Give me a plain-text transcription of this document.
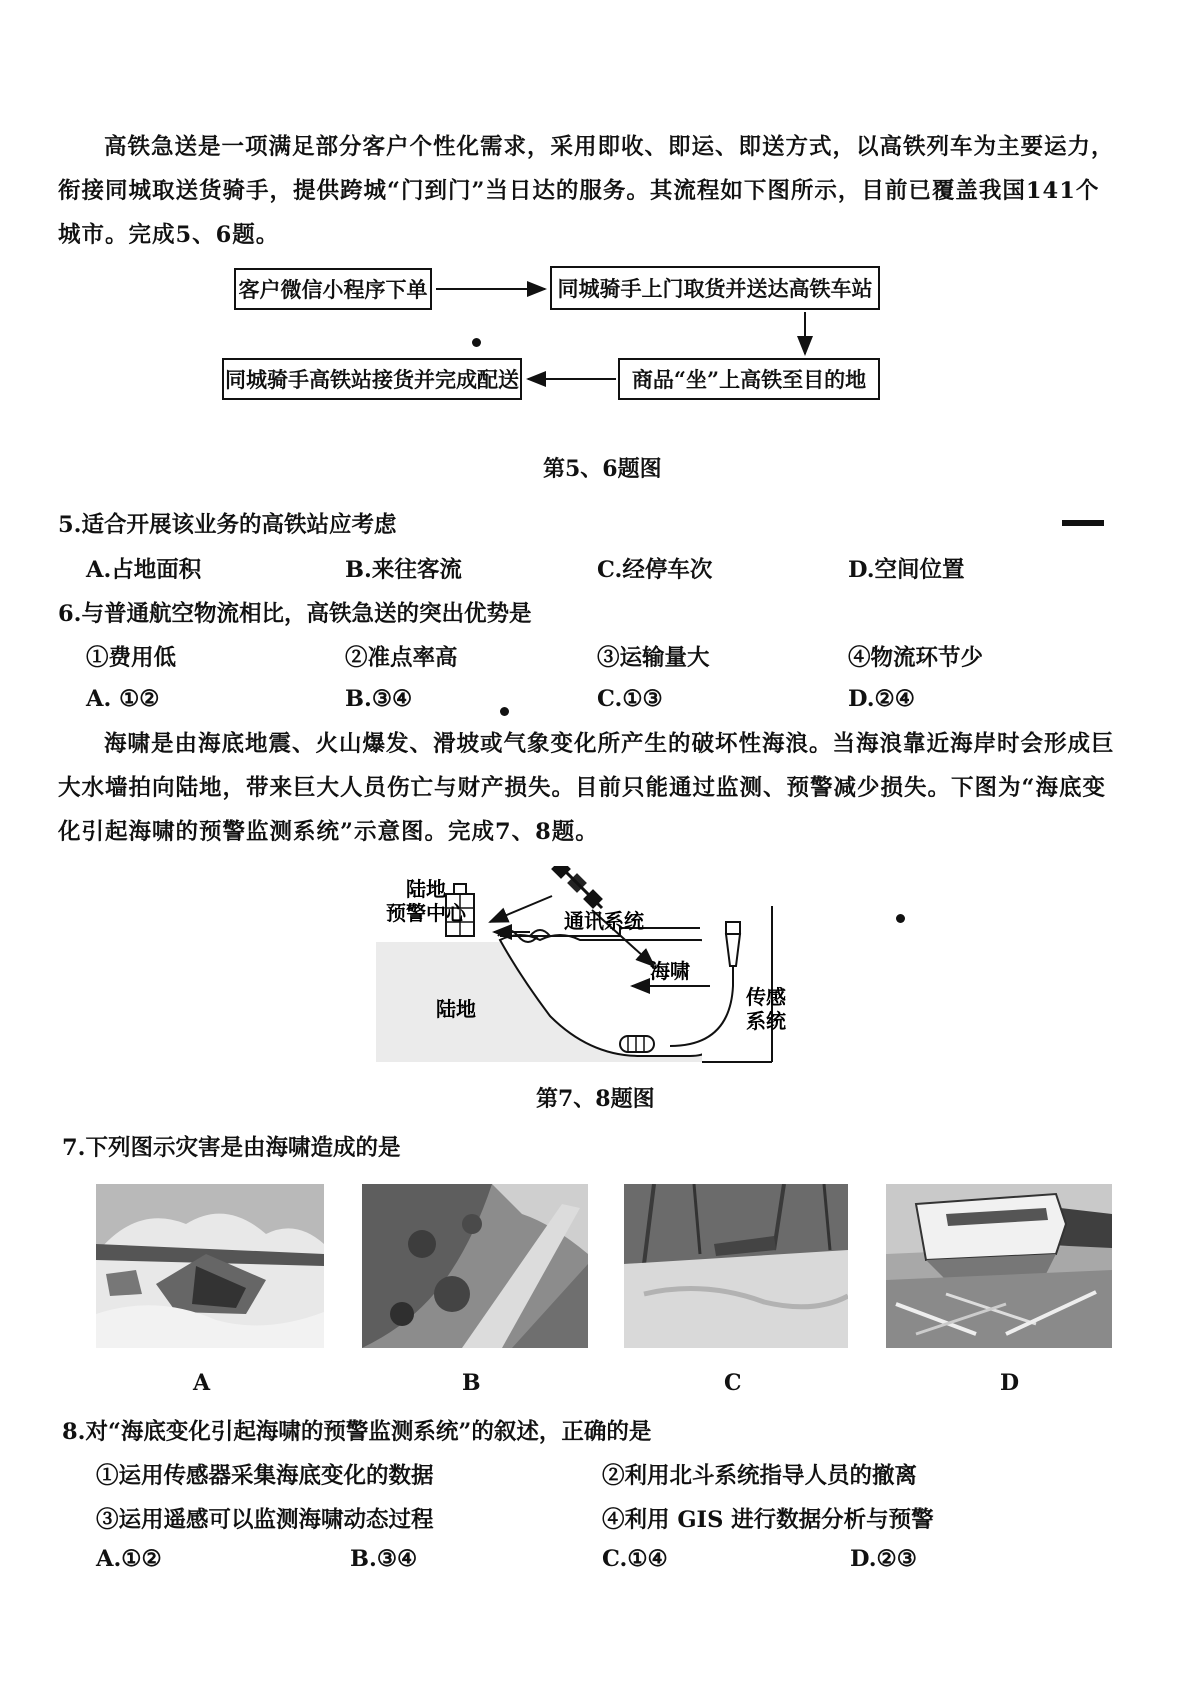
高铁急送是一项满足部分客户个性化需求，采用即收、即运、即送方式，以高铁列车为主要运力，衔接同城取送货骑手，提供跨城“门到门”当日达的服务。其流程如下图所示，目前已覆盖我国141个城市。完成5、6题。

客户微信小程序下单	同城骑手上门取货并送达高铁车站
商品“坐”上高铁至目的地
同城骑手高铁站接货并完成配送
第5、6题图
5.适合开展该业务的高铁站应考虑
A.占地面积	B.来往客流	C.经停车次	D.空间位置
6.与普通航空物流相比，高铁急送的突出优势是
①费用低	②准点率高	③运输量大	④物流环节少
A. ①②	B.③④	C.①③	D.②④

海啸是由海底地震、火山爆发、滑坡或气象变化所产生的破坏性海浪。当海浪靠近海岸时会形成巨大水墙拍向陆地，带来巨大人员伤亡与财产损失。目前只能通过监测、预警减少损失。下图为“海底变化引起海啸的预警监测系统”示意图。完成7、8题。

陆地
预警中心	通讯系统
陆地
海啸
传感
系统
第7、8题图
7.下列图示灾害是由海啸造成的是
A	B	C	D
8.对“海底变化引起海啸的预警监测系统”的叙述，正确的是
①运用传感器采集海底变化的数据	②利用北斗系统指导人员的撤离
③运用遥感可以监测海啸动态过程	④利用 GIS 进行数据分析与预警
A.①②	B.③④	C.①④	D.②③
